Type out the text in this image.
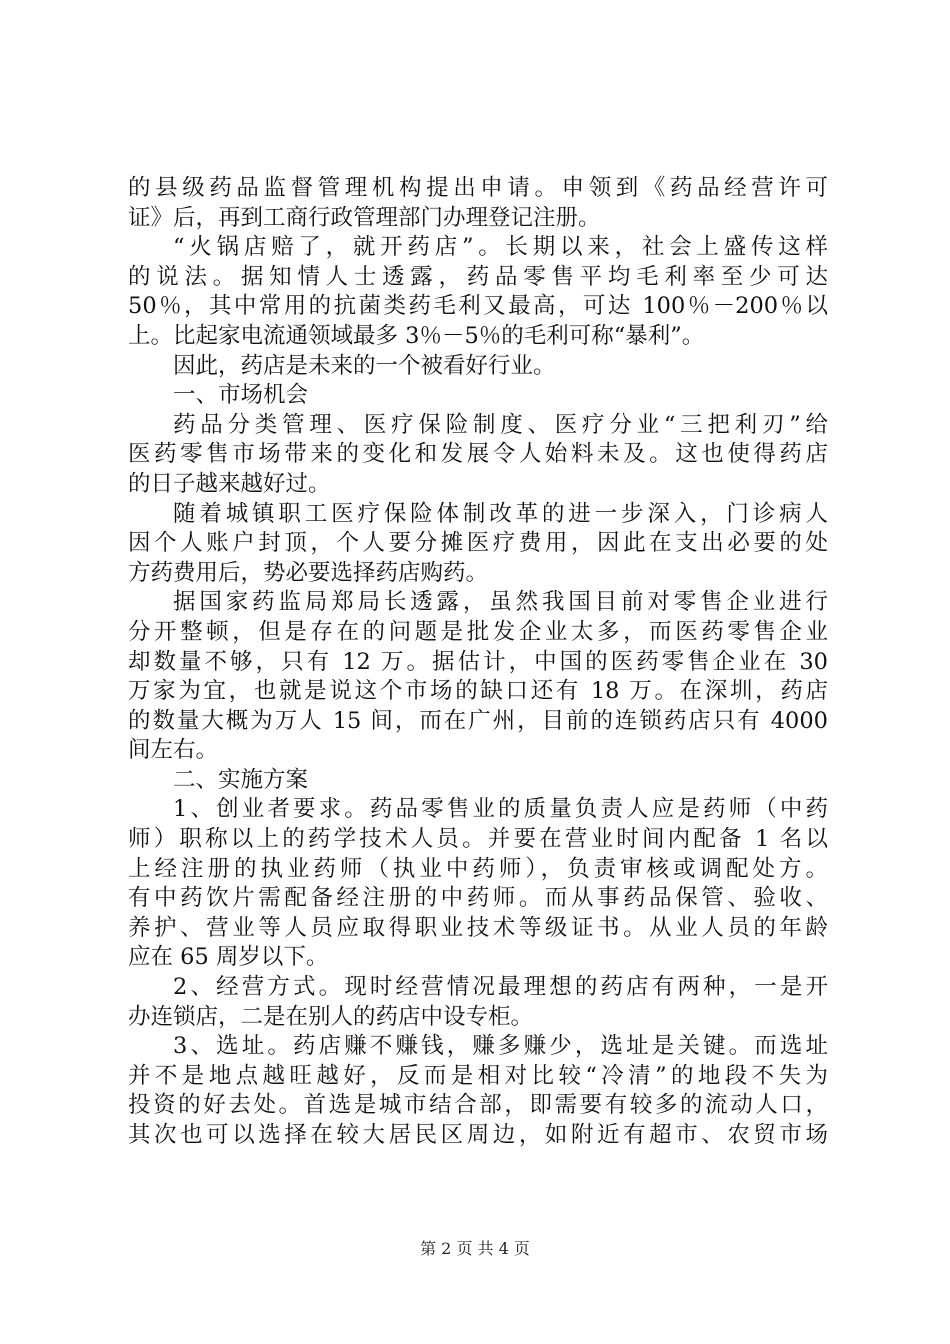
的县级药品监督管理机构提出申请。申领到《药品经营许可
证》后，再到工商行政管理部门办理登记注册。
“火锅店赔了，就开药店”。长期以来，社会上盛传这样
的说法。据知情人士透露，药品零售平均毛利率至少可达
50％，其中常用的抗菌类药毛利又最高，可达 100％－200％以
上。比起家电流通领域最多 3％－5％的毛利可称“暴利”。
因此，药店是未来的一个被看好行业。
一、市场机会
药品分类管理、医疗保险制度、医疗分业“三把利刃”给
医药零售市场带来的变化和发展令人始料未及。这也使得药店
的日子越来越好过。
随着城镇职工医疗保险体制改革的进一步深入，门诊病人
因个人账户封顶，个人要分摊医疗费用，因此在支出必要的处
方药费用后，势必要选择药店购药。
据国家药监局郑局长透露，虽然我国目前对零售企业进行
分开整顿，但是存在的问题是批发企业太多，而医药零售企业
却数量不够，只有 12 万。据估计，中国的医药零售企业在 30
万家为宜，也就是说这个市场的缺口还有 18 万。在深圳，药店
的数量大概为万人 15 间，而在广州，目前的连锁药店只有 4000
间左右。
二、实施方案
1、创业者要求。药品零售业的质量负责人应是药师（中药
师）职称以上的药学技术人员。并要在营业时间内配备 1 名以
上经注册的执业药师（执业中药师），负责审核或调配处方。
有中药饮片需配备经注册的中药师。而从事药品保管、验收、
养护、营业等人员应取得职业技术等级证书。从业人员的年龄
应在 65 周岁以下。
2、经营方式。现时经营情况最理想的药店有两种，一是开
办连锁店，二是在别人的药店中设专柜。
3、选址。药店赚不赚钱，赚多赚少，选址是关键。而选址
并不是地点越旺越好，反而是相对比较“冷清”的地段不失为
投资的好去处。首选是城市结合部，即需要有较多的流动人口，
其次也可以选择在较大居民区周边，如附近有超市、农贸市场
第 2 页 共 4 页
